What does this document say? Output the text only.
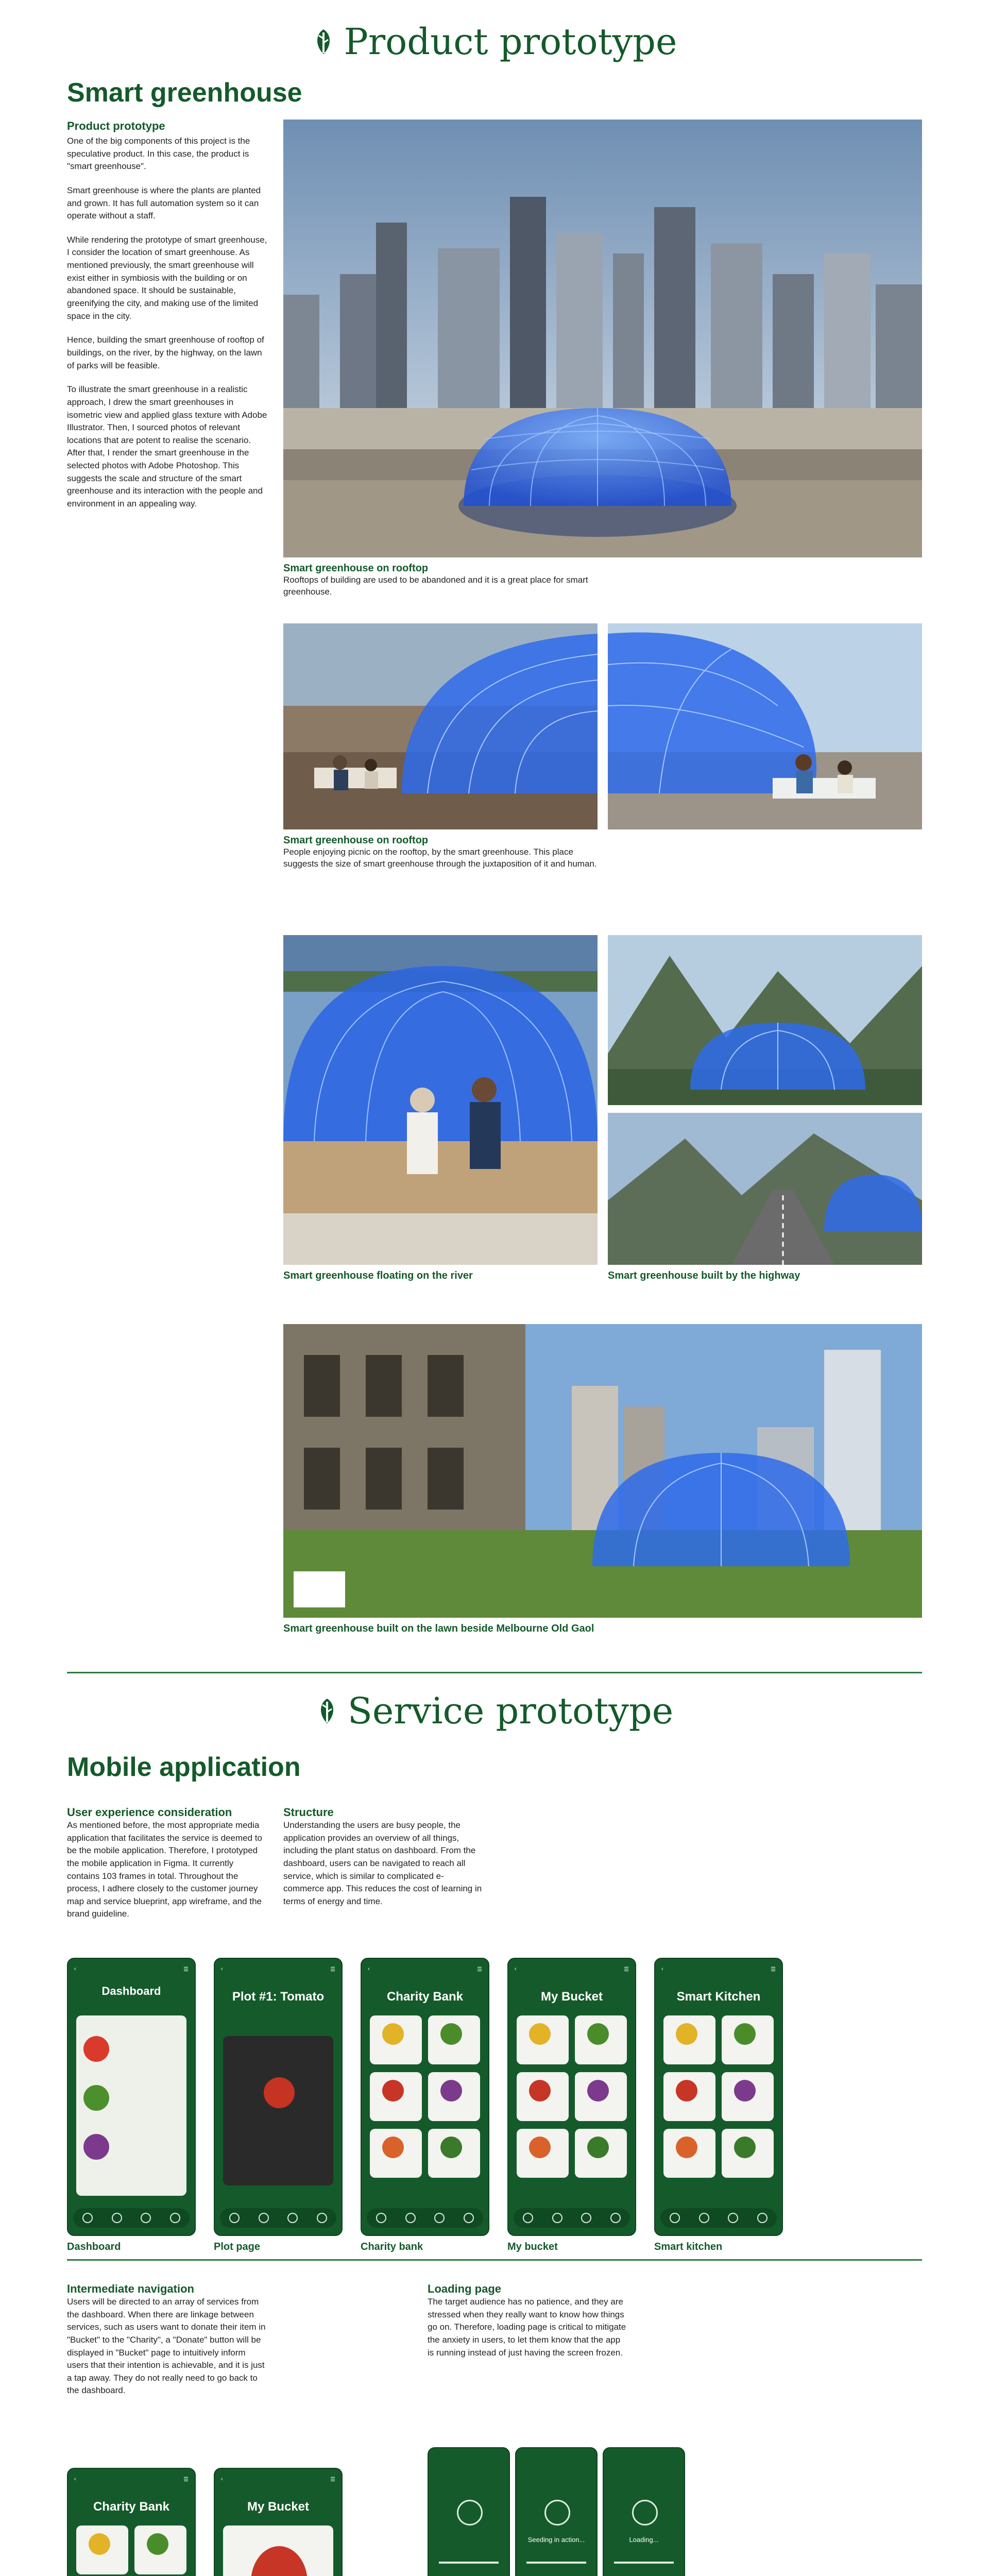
Product prototype
Smart greenhouse
Product prototype

One of the big components of this project is the speculative product. In this case, the product is "smart greenhouse".

Smart greenhouse is where the plants are planted and grown. It has full automation system so it can operate without a staff.

While rendering the prototype of smart greenhouse, I consider the location of smart greenhouse. As mentioned previously, the smart greenhouse will exist either in symbiosis with the building or on abandoned space. It should be sustainable, greenifying the city, and making use of the limited space in the city.

Hence, building the smart greenhouse of rooftop of buildings, on the river, by the highway, on the lawn of parks will be feasible.

To illustrate the smart greenhouse in a realistic approach, I drew the smart greenhouses in isometric view and applied glass texture with Adobe Illustrator. Then, I sourced photos of relevant locations that are potent to realise the scenario. After that, I render the smart greenhouse in the selected photos with Adobe Photoshop. This suggests the scale and structure of the smart greenhouse and its interaction with the people and environment in an appealing way.

Smart greenhouse on rooftop
Rooftops of building are used to be abandoned and it is a great place for smart greenhouse.
Smart greenhouse on rooftop
People enjoying picnic on the rooftop, by the smart greenhouse. This place suggests the size of smart greenhouse through the juxtaposition of it and human.
Smart greenhouse floating on the river	Smart greenhouse built by the highway
Smart greenhouse built on the lawn beside Melbourne Old Gaol
Service prototype
Mobile application
User experience consideration

As mentioned before, the most appropriate media application that facilitates the service is deemed to be the mobile application. Therefore, I prototyped the mobile application in Figma. It currently contains 103 frames in total. Throughout the process, I adhere closely to the customer journey map and service blueprint, app wireframe, and the brand guideline.

Structure

Understanding the users are busy people, the application provides an overview of all things, including the plant status on dashboard. From the dashboard, users can be navigated to reach all service, which is similar to complicated e-commerce app. This reduces the cost of learning in terms of energy and time.

‹	☰
Dashboard
‹	☰
Plot #1: Tomato
‹	☰
Charity Bank
‹	☰
My Bucket
‹	☰
Smart Kitchen
Intermediate navigation

Users will be directed to an array of services from the dashboard. When there are linkage between services, such as users want to donate their item in "Bucket" to the "Charity", a "Donate" button will be displayed in "Bucket" page to intuitively inform users that their intention is achievable, and it is just a tap away. They do not really need to go back to the dashboard.

Loading page

The target audience has no patience, and they are stressed when they really want to know how things go on. Therefore, loading page is critical to mitigate the anxiety in users, to let them know that the app is running instead of just having the screen frozen.

‹	☰
Charity Bank
‹	☰
My Bucket
Seeding in action...	Loading...

Dashboard	Plot page	Charity bank	My bucket	Smart kitchen
